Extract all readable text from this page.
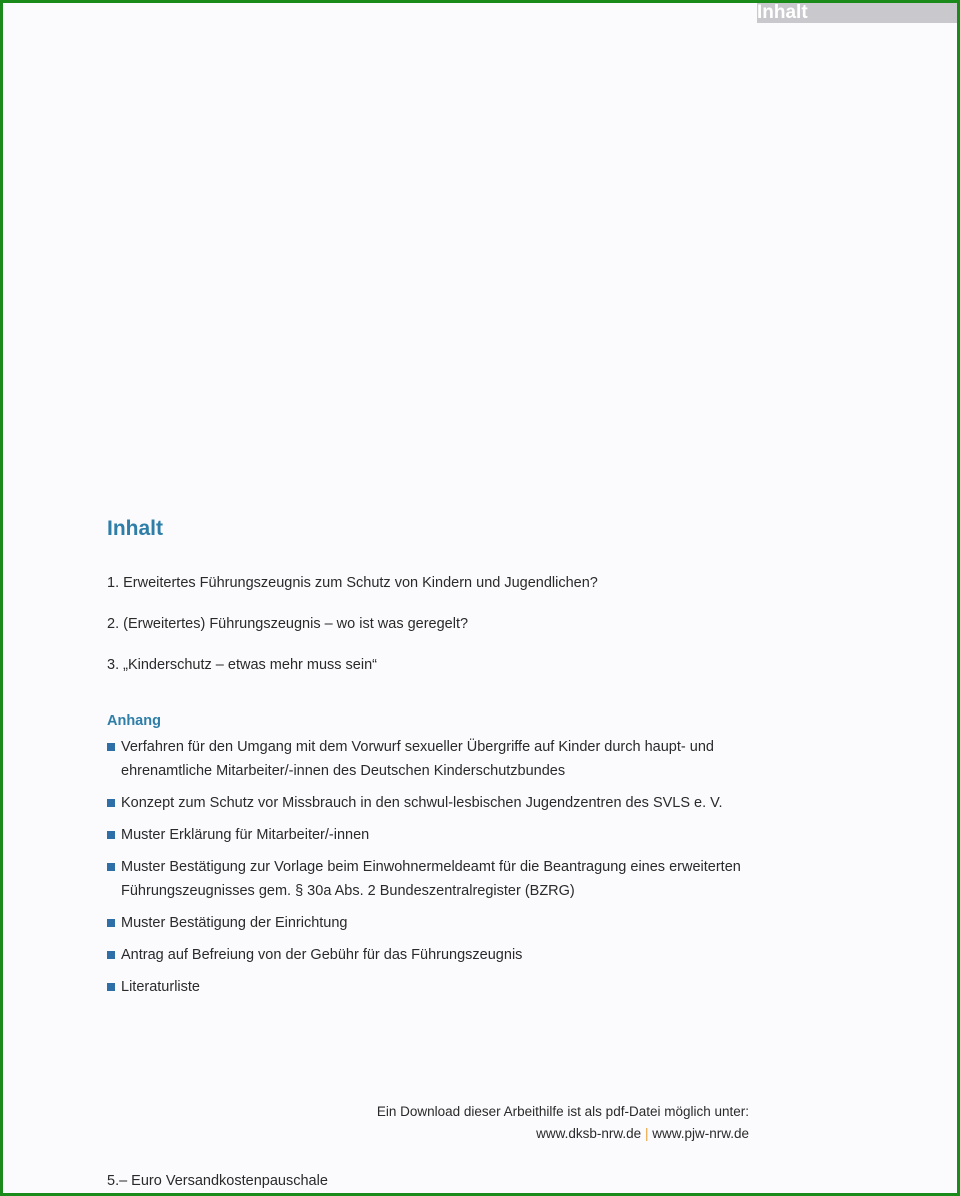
Inhalt
Inhalt
1. Erweitertes Führungszeugnis zum Schutz von Kindern und Jugendlichen?
2. (Erweitertes) Führungszeugnis – wo ist was geregelt?
3. „Kinderschutz – etwas mehr muss sein“
Anhang
Verfahren für den Umgang mit dem Vorwurf sexueller Übergriffe auf Kinder durch haupt- und ehrenamtliche Mitarbeiter/-innen des Deutschen Kinderschutzbundes
Konzept zum Schutz vor Missbrauch in den schwul-lesbischen Jugendzentren des SVLS e. V.
Muster Erklärung für Mitarbeiter/-innen
Muster Bestätigung zur Vorlage beim Einwohnermeldeamt für die Beantragung eines erweiterten Führungszeugnisses gem. § 30a Abs. 2 Bundeszentralregister (BZRG)
Muster Bestätigung der Einrichtung
Antrag auf Befreiung von der Gebühr für das Führungszeugnis
Literaturliste
Ein Download dieser Arbeithilfe ist als pdf-Datei möglich unter:
www.dksb-nrw.de | www.pjw-nrw.de
5.– Euro Versandkostenpauschale
